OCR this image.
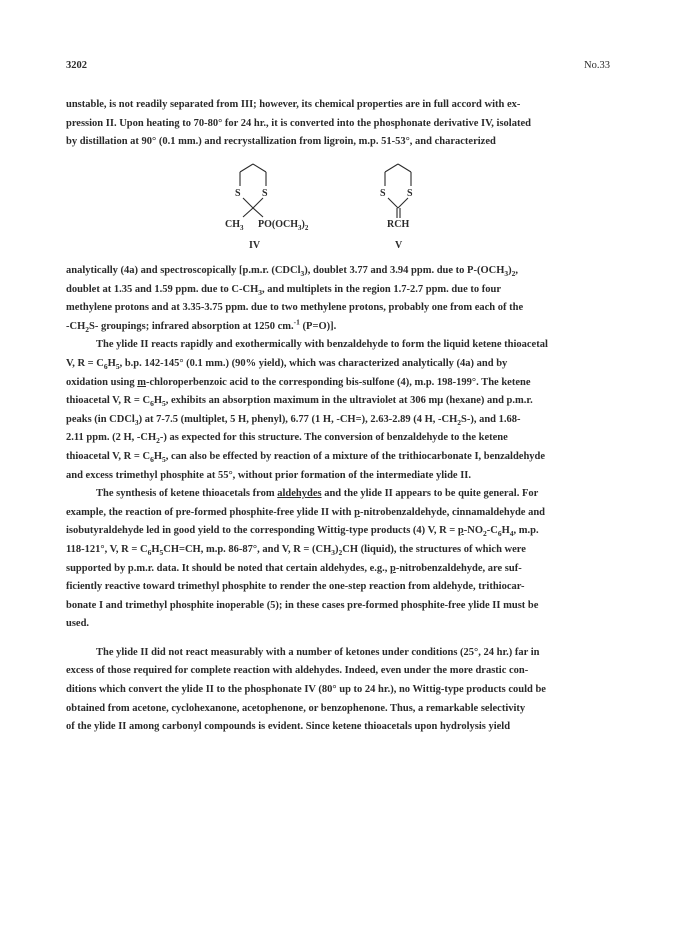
3202	No.33

unstable, is not readily separated from III; however, its chemical properties are in full accord with ex-

pression II. Upon heating to 70-80° for 24 hr., it is converted into the phosphonate derivative IV, isolated

by distillation at 90° (0.1 mm.) and recrystallization from ligroin, m.p. 51-53°, and characterized

S S
$CH_3$ $PO(OCH_3)_2$
IV
S S
RCH
V

analytically (4a) and spectroscopically [p.m.r. (CDCl$_3$), doublet 3.77 and 3.94 ppm. due to $P-(OCH_3)_2$,

doublet at 1.35 and 1.59 ppm. due to $C-CH_3$, and multiplets in the region 1.7-2.7 ppm. due to four

methylene protons and at 3.35-3.75 ppm. due to two methylene protons, probably one from each of the

$-CH_2S-$ groupings; infrared absorption at 1250 cm.$^{-1}$ (P=O)].

The ylide II reacts rapidly and exothermically with benzaldehyde to form the liquid ketene thioacetal

V, $R = C_6H_5$, b.p. 142-145° (0.1 mm.) (90% yield), which was characterized analytically (4a) and by

oxidation using m-chloroperbenzoic acid to the corresponding bis-sulfone (4), m.p. 198-199°. The ketene

thioacetal V, $R = C_6H_5$, exhibits an absorption maximum in the ultraviolet at 306 mμ (hexane) and p.m.r.

peaks (in CDCl$_3$) at 7-7.5 (multiplet, 5 H, phenyl), 6.77 (1 H, -CH=), 2.63-2.89 (4 H, $-CH_2S-$), and 1.68-

2.11 ppm. (2 H, $-CH_2-$) as expected for this structure. The conversion of benzaldehyde to the ketene

thioacetal V, $R = C_6H_5$, can also be effected by reaction of a mixture of the trithiocarbonate I, benzaldehyde

and excess trimethyl phosphite at 55°, without prior formation of the intermediate ylide II.

The synthesis of ketene thioacetals from aldehydes and the ylide II appears to be quite general. For

example, the reaction of pre-formed phosphite-free ylide II with p-nitrobenzaldehyde, cinnamaldehyde and

isobutyraldehyde led in good yield to the corresponding Wittig-type products (4) V, $R = p-NO_2-C_6H_4$, m.p.

118-121°, V, $R = C_6H_5CH=CH$, m.p. 86-87°, and V, $R = (CH_3)_2CH$ (liquid), the structures of which were

supported by p.m.r. data. It should be noted that certain aldehydes, e.g., p-nitrobenzaldehyde, are suf-

ficiently reactive toward trimethyl phosphite to render the one-step reaction from aldehyde, trithiocar-

bonate I and trimethyl phosphite inoperable (5); in these cases pre-formed phosphite-free ylide II must be

used.

The ylide II did not react measurably with a number of ketones under conditions (25°, 24 hr.) far in

excess of those required for complete reaction with aldehydes. Indeed, even under the more drastic con-

ditions which convert the ylide II to the phosphonate IV (80° up to 24 hr.), no Wittig-type products could be

obtained from acetone, cyclohexanone, acetophenone, or benzophenone. Thus, a remarkable selectivity

of the ylide II among carbonyl compounds is evident. Since ketene thioacetals upon hydrolysis yield
